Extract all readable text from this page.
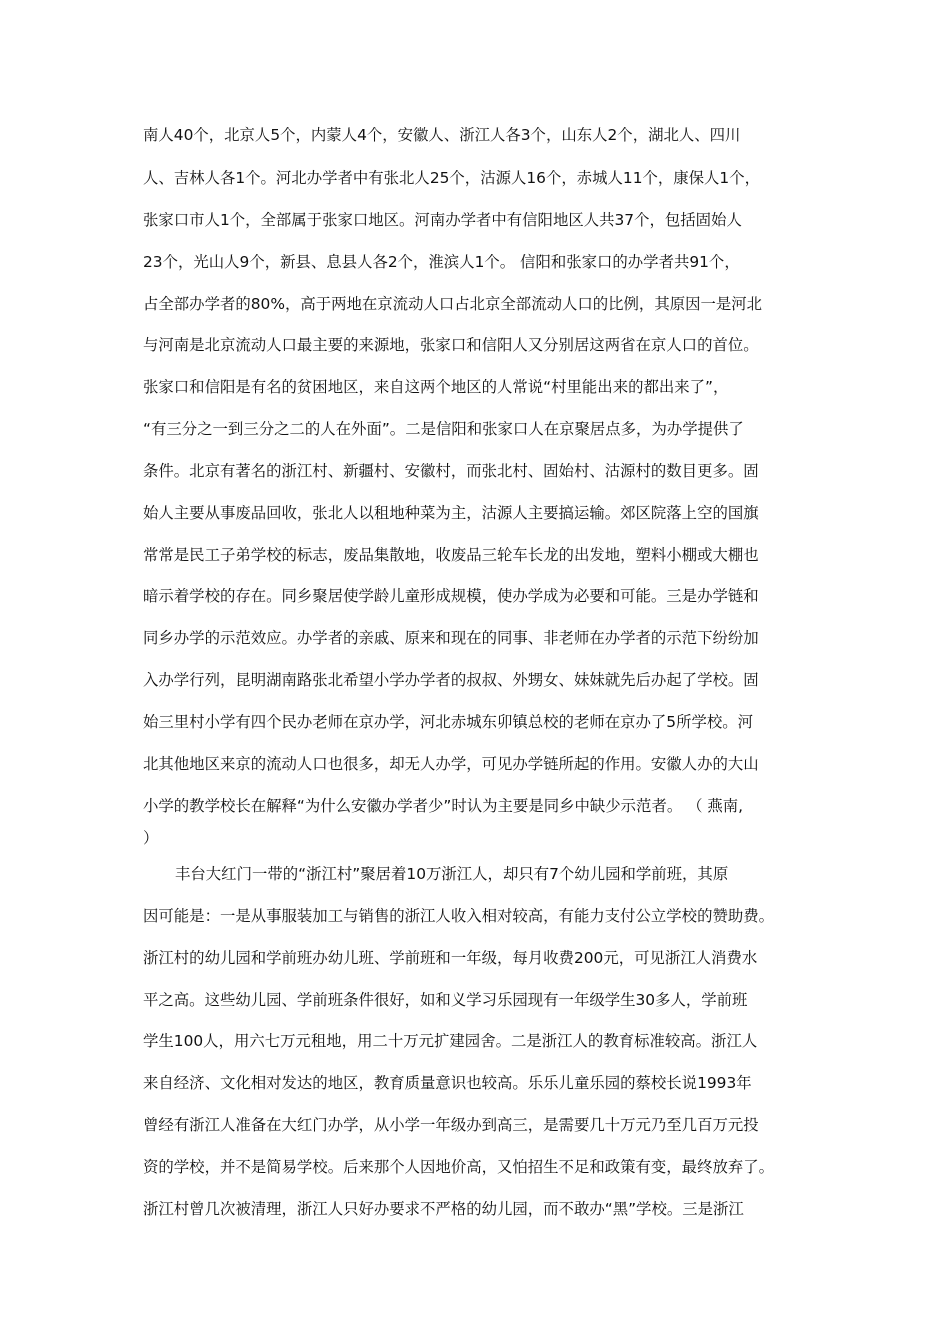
南人40个，北京人5个，内蒙人4个，安徽人、浙江人各3个，山东人2个，湖北人、四川
人、吉林人各1个。河北办学者中有张北人25个，沽源人16个，赤城人11个，康保人1个，
张家口市人1个，全部属于张家口地区。河南办学者中有信阳地区人共37个，包括固始人
23个，光山人9个，新县、息县人各2个，淮滨人1个。 信阳和张家口的办学者共91个，
占全部办学者的80%，高于两地在京流动人口占北京全部流动人口的比例，其原因一是河北
与河南是北京流动人口最主要的来源地，张家口和信阳人又分别居这两省在京人口的首位。
张家口和信阳是有名的贫困地区，来自这两个地区的人常说“村里能出来的都出来了”，
“有三分之一到三分之二的人在外面”。二是信阳和张家口人在京聚居点多，为办学提供了
条件。北京有著名的浙江村、新疆村、安徽村，而张北村、固始村、沽源村的数目更多。固
始人主要从事废品回收，张北人以租地种菜为主，沽源人主要搞运输。郊区院落上空的国旗
常常是民工子弟学校的标志，废品集散地，收废品三轮车长龙的出发地，塑料小棚或大棚也
暗示着学校的存在。同乡聚居使学龄儿童形成规模，使办学成为必要和可能。三是办学链和
同乡办学的示范效应。办学者的亲戚、原来和现在的同事、非老师在办学者的示范下纷纷加
入办学行列，昆明湖南路张北希望小学办学者的叔叔、外甥女、妹妹就先后办起了学校。固
始三里村小学有四个民办老师在京办学，河北赤城东卯镇总校的老师在京办了5所学校。河
北其他地区来京的流动人口也很多，却无人办学，可见办学链所起的作用。安徽人办的大山
小学的教学校长在解释“为什么安徽办学者少”时认为主要是同乡中缺少示范者。 （ 燕南,
）
丰台大红门一带的“浙江村”聚居着10万浙江人，却只有7个幼儿园和学前班，其原
因可能是：一是从事服装加工与销售的浙江人收入相对较高，有能力支付公立学校的赞助费。
浙江村的幼儿园和学前班办幼儿班、学前班和一年级，每月收费200元，可见浙江人消费水
平之高。这些幼儿园、学前班条件很好，如和义学习乐园现有一年级学生30多人，学前班
学生100人，用六七万元租地，用二十万元扩建园舍。二是浙江人的教育标准较高。浙江人
来自经济、文化相对发达的地区，教育质量意识也较高。乐乐儿童乐园的蔡校长说1993年
曾经有浙江人准备在大红门办学，从小学一年级办到高三，是需要几十万元乃至几百万元投
资的学校，并不是简易学校。后来那个人因地价高，又怕招生不足和政策有变，最终放弃了。
浙江村曾几次被清理，浙江人只好办要求不严格的幼儿园，而不敢办“黑”学校。三是浙江
